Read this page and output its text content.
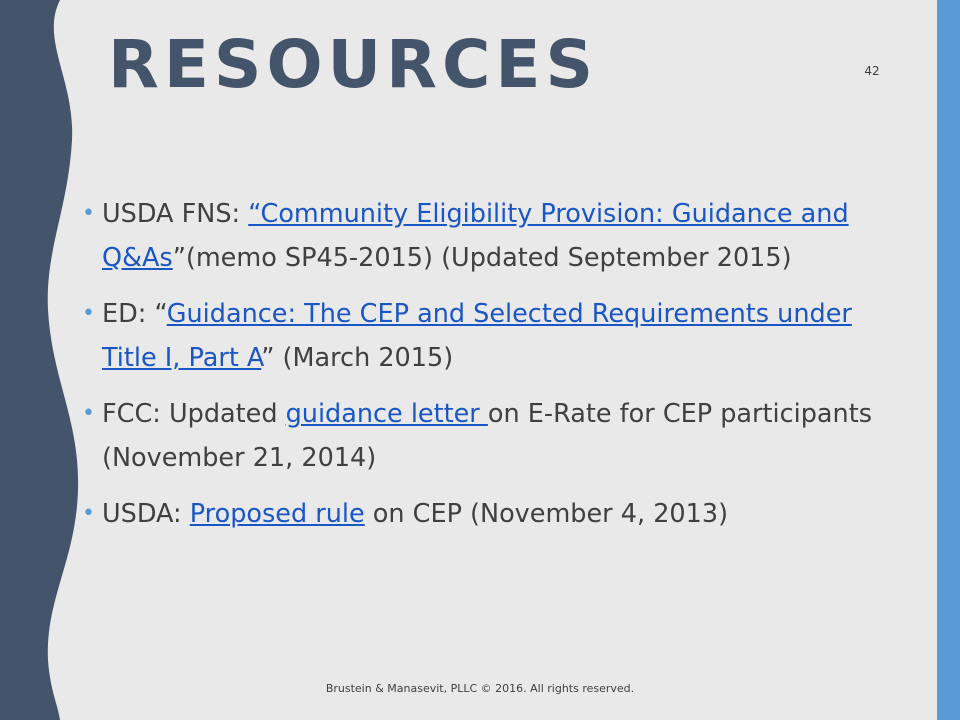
RESOURCES	42
• USDA FNS: “Community Eligibility Provision: Guidance and Q&As”(memo SP45-2015) (Updated September 2015)
• ED: “Guidance: The CEP and Selected Requirements under Title I, Part A” (March 2015)
• FCC: Updated guidance letter on E-Rate for CEP participants (November 21, 2014)
• USDA: Proposed rule on CEP (November 4, 2013)
Brustein & Manasevit, PLLC © 2016. All rights reserved.
